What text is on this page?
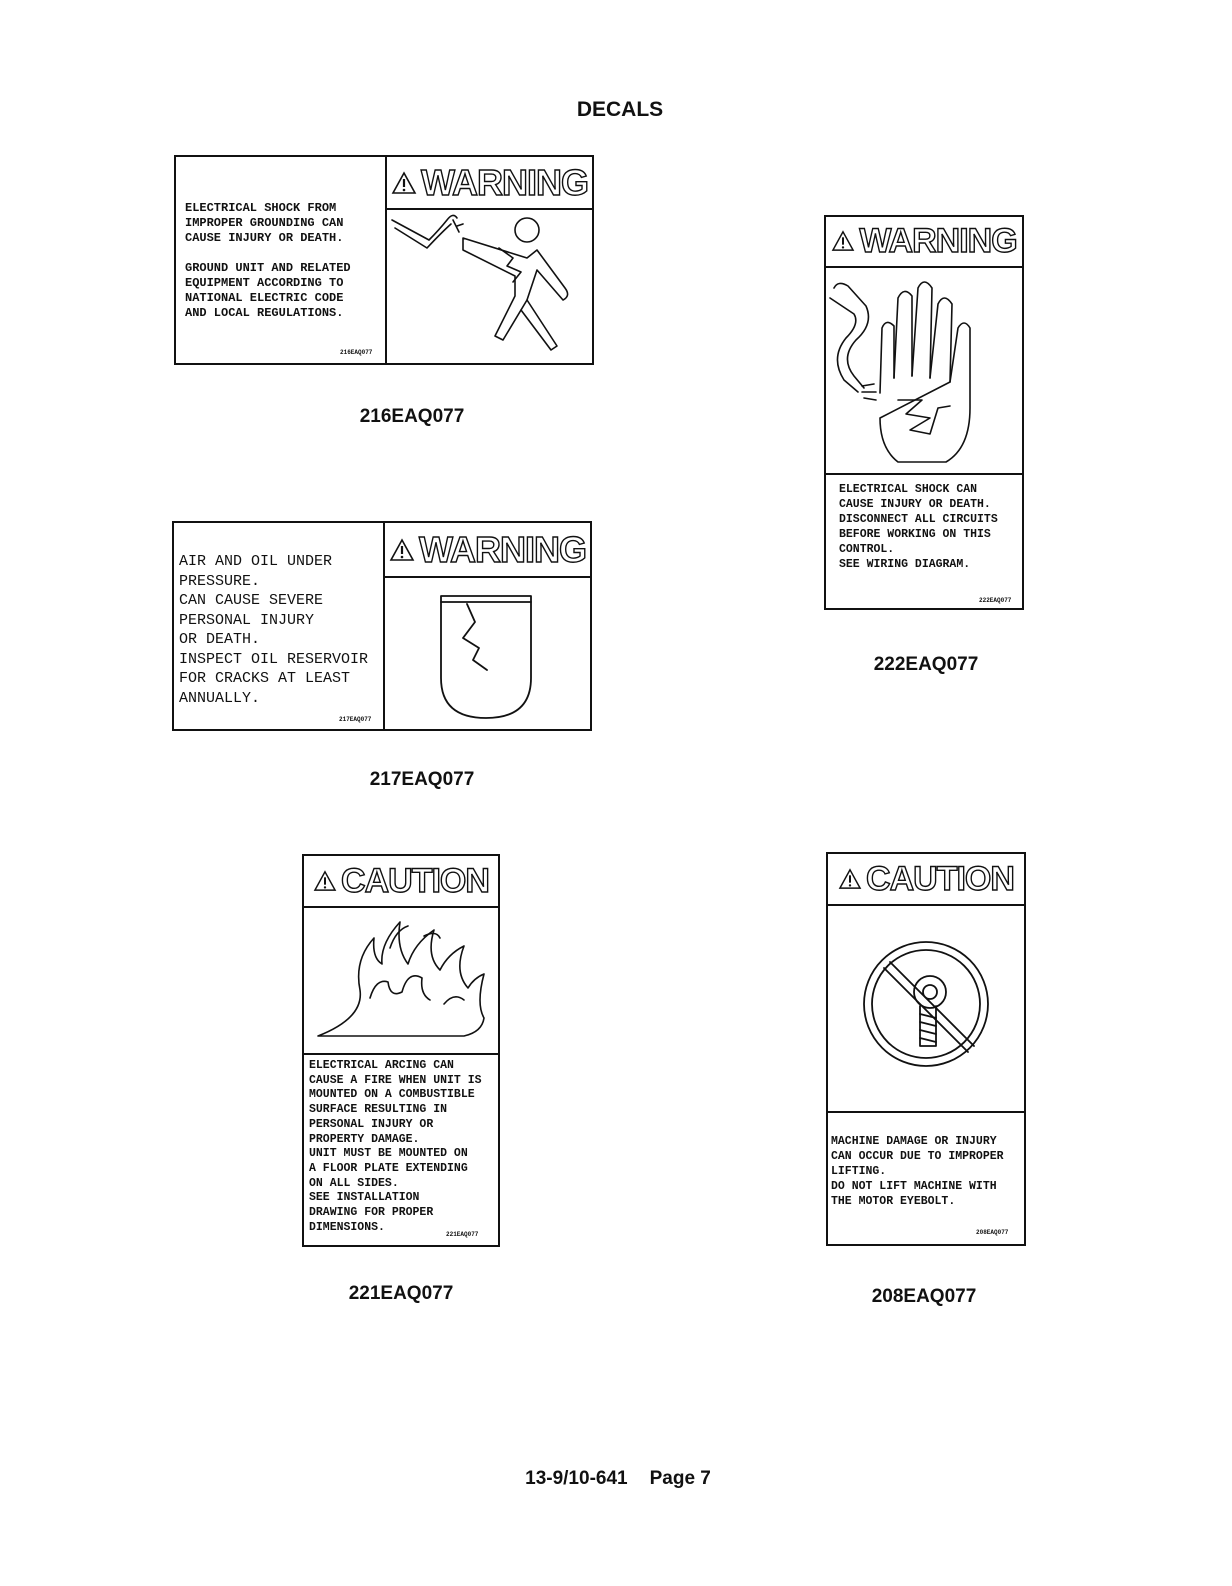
DECALS
ELECTRICAL SHOCK FROM
IMPROPER GROUNDING CAN
CAUSE INJURY OR DEATH.

GROUND UNIT AND RELATED
EQUIPMENT ACCORDING TO
NATIONAL ELECTRIC CODE
AND LOCAL REGULATIONS.
216EAQ077
WARNING
216EAQ077
WARNING
ELECTRICAL SHOCK CAN
CAUSE INJURY OR DEATH.
DISCONNECT ALL CIRCUITS
BEFORE WORKING ON THIS
CONTROL.
SEE WIRING DIAGRAM.
222EAQ077
222EAQ077
AIR AND OIL UNDER
PRESSURE.
CAN CAUSE SEVERE
PERSONAL INJURY
OR DEATH.
INSPECT OIL RESERVOIR
FOR CRACKS AT LEAST
ANNUALLY.
217EAQ077
WARNING
217EAQ077
CAUTION
ELECTRICAL ARCING CAN
CAUSE A FIRE WHEN UNIT IS
MOUNTED ON A COMBUSTIBLE
SURFACE RESULTING IN
PERSONAL INJURY OR
PROPERTY DAMAGE.
UNIT MUST BE MOUNTED ON
A FLOOR PLATE EXTENDING
ON ALL SIDES.
SEE INSTALLATION
DRAWING FOR PROPER
DIMENSIONS.
221EAQ077
221EAQ077
CAUTION
MACHINE DAMAGE OR INJURY
CAN OCCUR DUE TO IMPROPER
LIFTING.
DO NOT LIFT MACHINE WITH
THE MOTOR EYEBOLT.
208EAQ077
208EAQ077
13-9/10-641 Page 7
